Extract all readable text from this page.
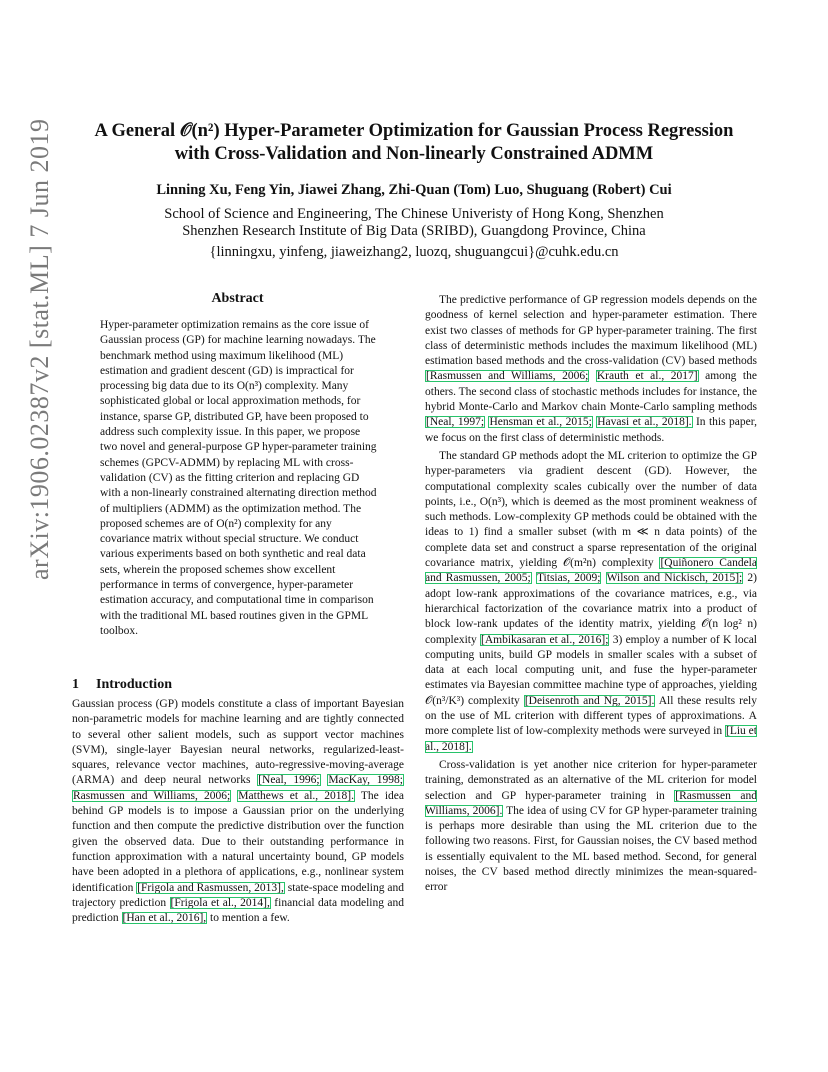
A General 𝒪(n²) Hyper-Parameter Optimization for Gaussian Process Regression
with Cross-Validation and Non-linearly Constrained ADMM
Linning Xu, Feng Yin, Jiawei Zhang, Zhi-Quan (Tom) Luo, Shuguang (Robert) Cui
School of Science and Engineering, The Chinese Univeristy of Hong Kong, Shenzhen
Shenzhen Research Institute of Big Data (SRIBD), Guangdong Province, China
{linningxu, yinfeng, jiaweizhang2, luozq, shuguangcui}@cuhk.edu.cn
arXiv:1906.02387v2 [stat.ML] 7 Jun 2019	Abstract

Hyper-parameter optimization remains as the core issue of Gaussian process (GP) for machine learning nowadays. The benchmark method using maximum likelihood (ML) estimation and gradient descent (GD) is impractical for processing big data due to its O(n³) complexity. Many sophisticated global or local approximation methods, for instance, sparse GP, distributed GP, have been proposed to address such complexity issue. In this paper, we propose two novel and general-purpose GP hyper-parameter training schemes (GPCV-ADMM) by replacing ML with cross-validation (CV) as the fitting criterion and replacing GD with a non-linearly constrained alternating direction method of multipliers (ADMM) as the optimization method. The proposed schemes are of O(n²) complexity for any covariance matrix without special structure. We conduct various experiments based on both synthetic and real data sets, wherein the proposed schemes show excellent performance in terms of convergence, hyper-parameter estimation accuracy, and computational time in comparison with the traditional ML based routines given in the GPML toolbox.

1 Introduction

Gaussian process (GP) models constitute a class of important Bayesian non-parametric models for machine learning and are tightly connected to several other salient models, such as support vector machines (SVM), single-layer Bayesian neural networks, regularized-least-squares, relevance vector machines, auto-regressive-moving-average (ARMA) and deep neural networks [Neal, 1996; MacKay, 1998; Rasmussen and Williams, 2006; Matthews et al., 2018]. The idea behind GP models is to impose a Gaussian prior on the underlying function and then compute the predictive distribution over the function given the observed data. Due to their outstanding performance in function approximation with a natural uncertainty bound, GP models have been adopted in a plethora of applications, e.g., nonlinear system identification [Frigola and Rasmussen, 2013], state-space modeling and trajectory prediction [Frigola et al., 2014], financial data modeling and prediction [Han et al., 2016], to mention a few.

The predictive performance of GP regression models depends on the goodness of kernel selection and hyper-parameter estimation. There exist two classes of methods for GP hyper-parameter training. The first class of deterministic methods includes the maximum likelihood (ML) estimation based methods and the cross-validation (CV) based methods [Rasmussen and Williams, 2006; Krauth et al., 2017] among the others. The second class of stochastic methods includes for instance, the hybrid Monte-Carlo and Markov chain Monte-Carlo sampling methods [Neal, 1997; Hensman et al., 2015; Havasi et al., 2018]. In this paper, we focus on the first class of deterministic methods.

The standard GP methods adopt the ML criterion to optimize the GP hyper-parameters via gradient descent (GD). However, the computational complexity scales cubically over the number of data points, i.e., O(n³), which is deemed as the most prominent weakness of such methods. Low-complexity GP methods could be obtained with the ideas to 1) find a smaller subset (with m ≪ n data points) of the complete data set and construct a sparse representation of the original covariance matrix, yielding 𝒪(m²n) complexity [Quiñonero Candela and Rasmussen, 2005; Titsias, 2009; Wilson and Nickisch, 2015]; 2) adopt low-rank approximations of the covariance matrices, e.g., via hierarchical factorization of the covariance matrix into a product of block low-rank updates of the identity matrix, yielding 𝒪(n log² n) complexity [Ambikasaran et al., 2016]; 3) employ a number of K local computing units, build GP models in smaller scales with a subset of data at each local computing unit, and fuse the hyper-parameter estimates via Bayesian committee machine type of approaches, yielding 𝒪(n³/K³) complexity [Deisenroth and Ng, 2015]. All these results rely on the use of ML criterion with different types of approximations. A more complete list of low-complexity methods were surveyed in [Liu et al., 2018].

Cross-validation is yet another nice criterion for hyper-parameter training, demonstrated as an alternative of the ML criterion for model selection and GP hyper-parameter training in [Rasmussen and Williams, 2006]. The idea of using CV for GP hyper-parameter training is perhaps more desirable than using the ML criterion due to the following two reasons. First, for Gaussian noises, the CV based method is essentially equivalent to the ML based method. Second, for general noises, the CV based method directly minimizes the mean-squared-error
